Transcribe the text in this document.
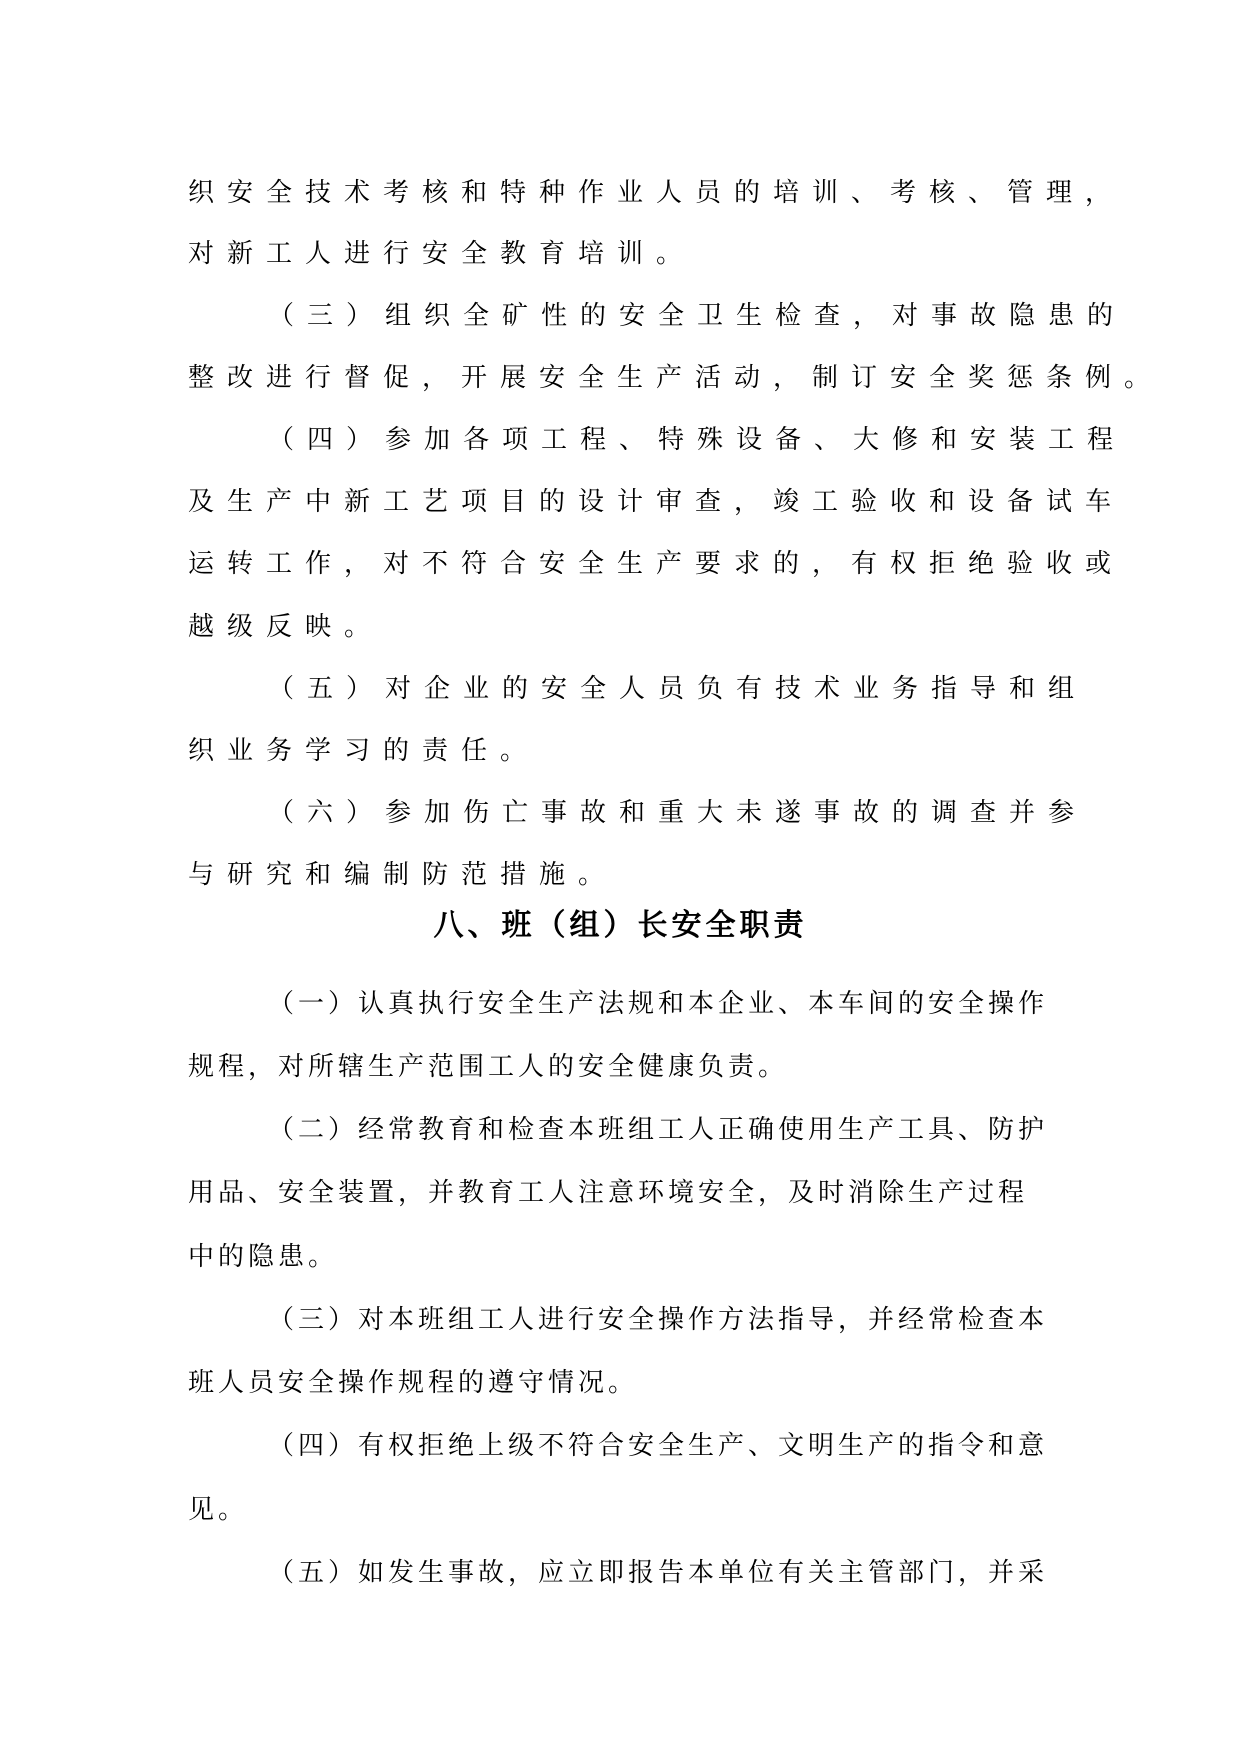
织安全技术考核和特种作业人员的培训、考核、管理，

对新工人进行安全教育培训。

（三）组织全矿性的安全卫生检查，对事故隐患的

整改进行督促，开展安全生产活动，制订安全奖惩条例。

（四）参加各项工程、特殊设备、大修和安装工程

及生产中新工艺项目的设计审查，竣工验收和设备试车

运转工作，对不符合安全生产要求的，有权拒绝验收或

越级反映。

（五）对企业的安全人员负有技术业务指导和组

织业务学习的责任。

（六）参加伤亡事故和重大未遂事故的调查并参

与研究和编制防范措施。

八、班（组）长安全职责

（一）认真执行安全生产法规和本企业、本车间的安全操作

规程，对所辖生产范围工人的安全健康负责。

（二）经常教育和检查本班组工人正确使用生产工具、防护

用品、安全装置，并教育工人注意环境安全，及时消除生产过程

中的隐患。

（三）对本班组工人进行安全操作方法指导，并经常检查本

班人员安全操作规程的遵守情况。

（四）有权拒绝上级不符合安全生产、文明生产的指令和意

见。

（五）如发生事故，应立即报告本单位有关主管部门，并采
